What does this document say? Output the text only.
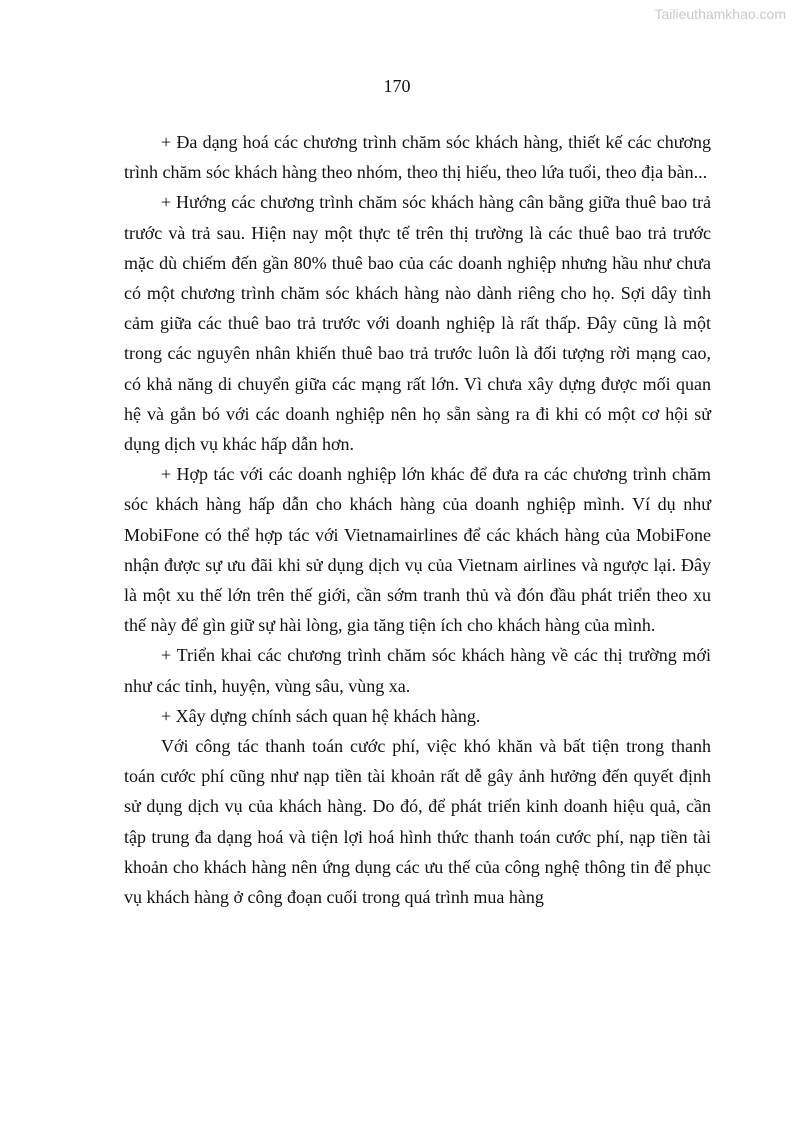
Tailieuthamkhao.com
170

+ Đa dạng hoá các chương trình chăm sóc khách hàng, thiết kế các chương trình chăm sóc khách hàng theo nhóm, theo thị hiếu, theo lứa tuổi, theo địa bàn...

+ Hướng các chương trình chăm sóc khách hàng cân bằng giữa thuê bao trả trước và trả sau. Hiện nay một thực tế trên thị trường là các thuê bao trả trước mặc dù chiếm đến gần 80% thuê bao của các doanh nghiệp nhưng hầu như chưa có một chương trình chăm sóc khách hàng nào dành riêng cho họ. Sợi dây tình cảm giữa các thuê bao trả trước với doanh nghiệp là rất thấp. Đây cũng là một trong các nguyên nhân khiến thuê bao trả trước luôn là đối tượng rời mạng cao, có khả năng di chuyển giữa các mạng rất lớn. Vì chưa xây dựng được mối quan hệ và gắn bó với các doanh nghiệp nên họ sẵn sàng ra đi khi có một cơ hội sử dụng dịch vụ khác hấp dẫn hơn.

+ Hợp tác với các doanh nghiệp lớn khác để đưa ra các chương trình chăm sóc khách hàng hấp dẫn cho khách hàng của doanh nghiệp mình. Ví dụ như MobiFone có thể hợp tác với Vietnamairlines để các khách hàng của MobiFone nhận được sự ưu đãi khi sử dụng dịch vụ của Vietnam airlines và ngược lại. Đây là một xu thế lớn trên thế giới, cần sớm tranh thủ và đón đầu phát triển theo xu thế này để gìn giữ sự hài lòng, gia tăng tiện ích cho khách hàng của mình.

+ Triển khai các chương trình chăm sóc khách hàng về các thị trường mới như các tỉnh, huyện, vùng sâu, vùng xa.

+ Xây dựng chính sách quan hệ khách hàng.

Với công tác thanh toán cước phí, việc khó khăn và bất tiện trong thanh toán cước phí cũng như nạp tiền tài khoản rất dễ gây ảnh hưởng đến quyết định sử dụng dịch vụ của khách hàng. Do đó, để phát triển kinh doanh hiệu quả, cần tập trung đa dạng hoá và tiện lợi hoá hình thức thanh toán cước phí, nạp tiền tài khoản cho khách hàng nên ứng dụng các ưu thế của công nghệ thông tin để phục vụ khách hàng ở công đoạn cuối trong quá trình mua hàng
